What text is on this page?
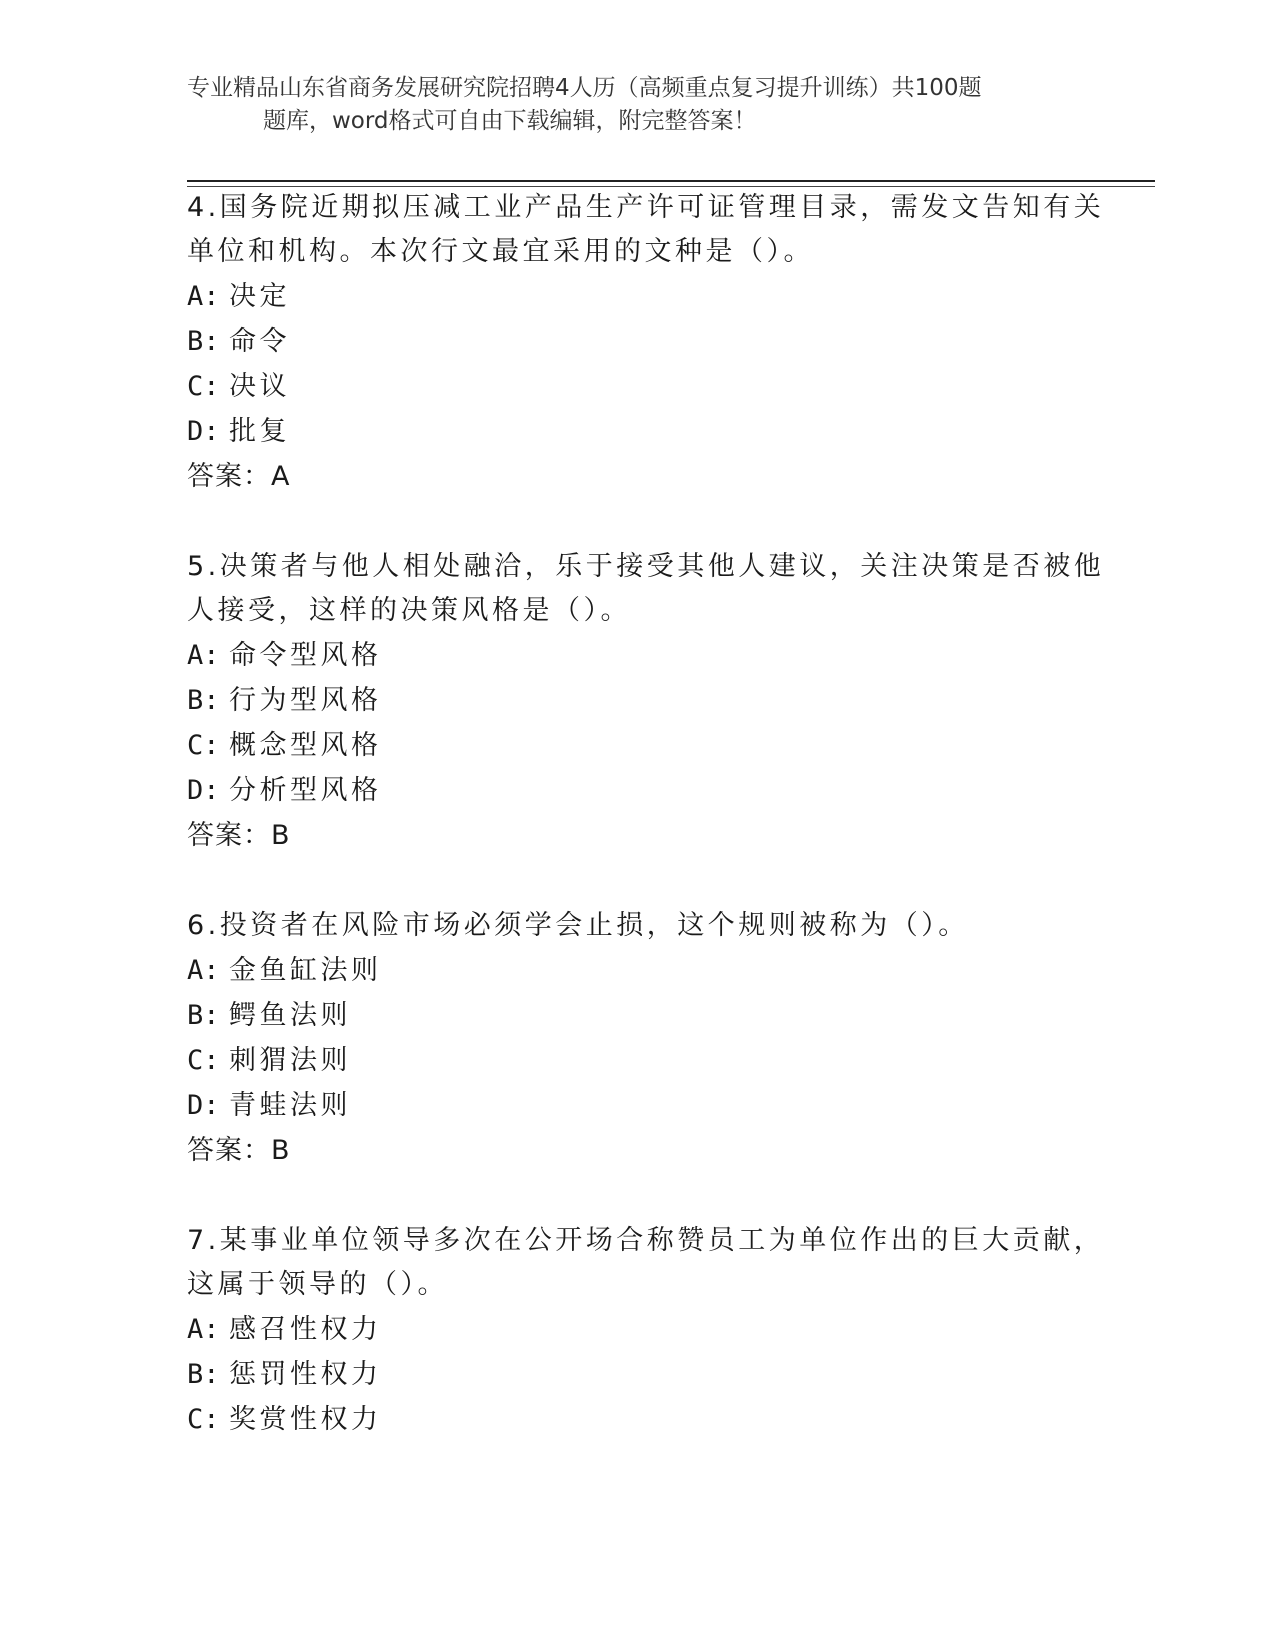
专业精品山东省商务发展研究院招聘4人历（高频重点复习提升训练）共100题
题库，word格式可自由下载编辑，附完整答案！
4.国务院近期拟压减工业产品生产许可证管理目录，需发文告知有关
单位和机构。本次行文最宜采用的文种是（）。
A: 决定
B: 命令
C: 决议
D: 批复
答案：A
5.决策者与他人相处融洽，乐于接受其他人建议，关注决策是否被他
人接受，这样的决策风格是（）。
A: 命令型风格
B: 行为型风格
C: 概念型风格
D: 分析型风格
答案：B
6.投资者在风险市场必须学会止损，这个规则被称为（）。
A: 金鱼缸法则
B: 鳄鱼法则
C: 刺猬法则
D: 青蛙法则
答案：B
7.某事业单位领导多次在公开场合称赞员工为单位作出的巨大贡献，
这属于领导的（）。
A: 感召性权力
B: 惩罚性权力
C: 奖赏性权力
